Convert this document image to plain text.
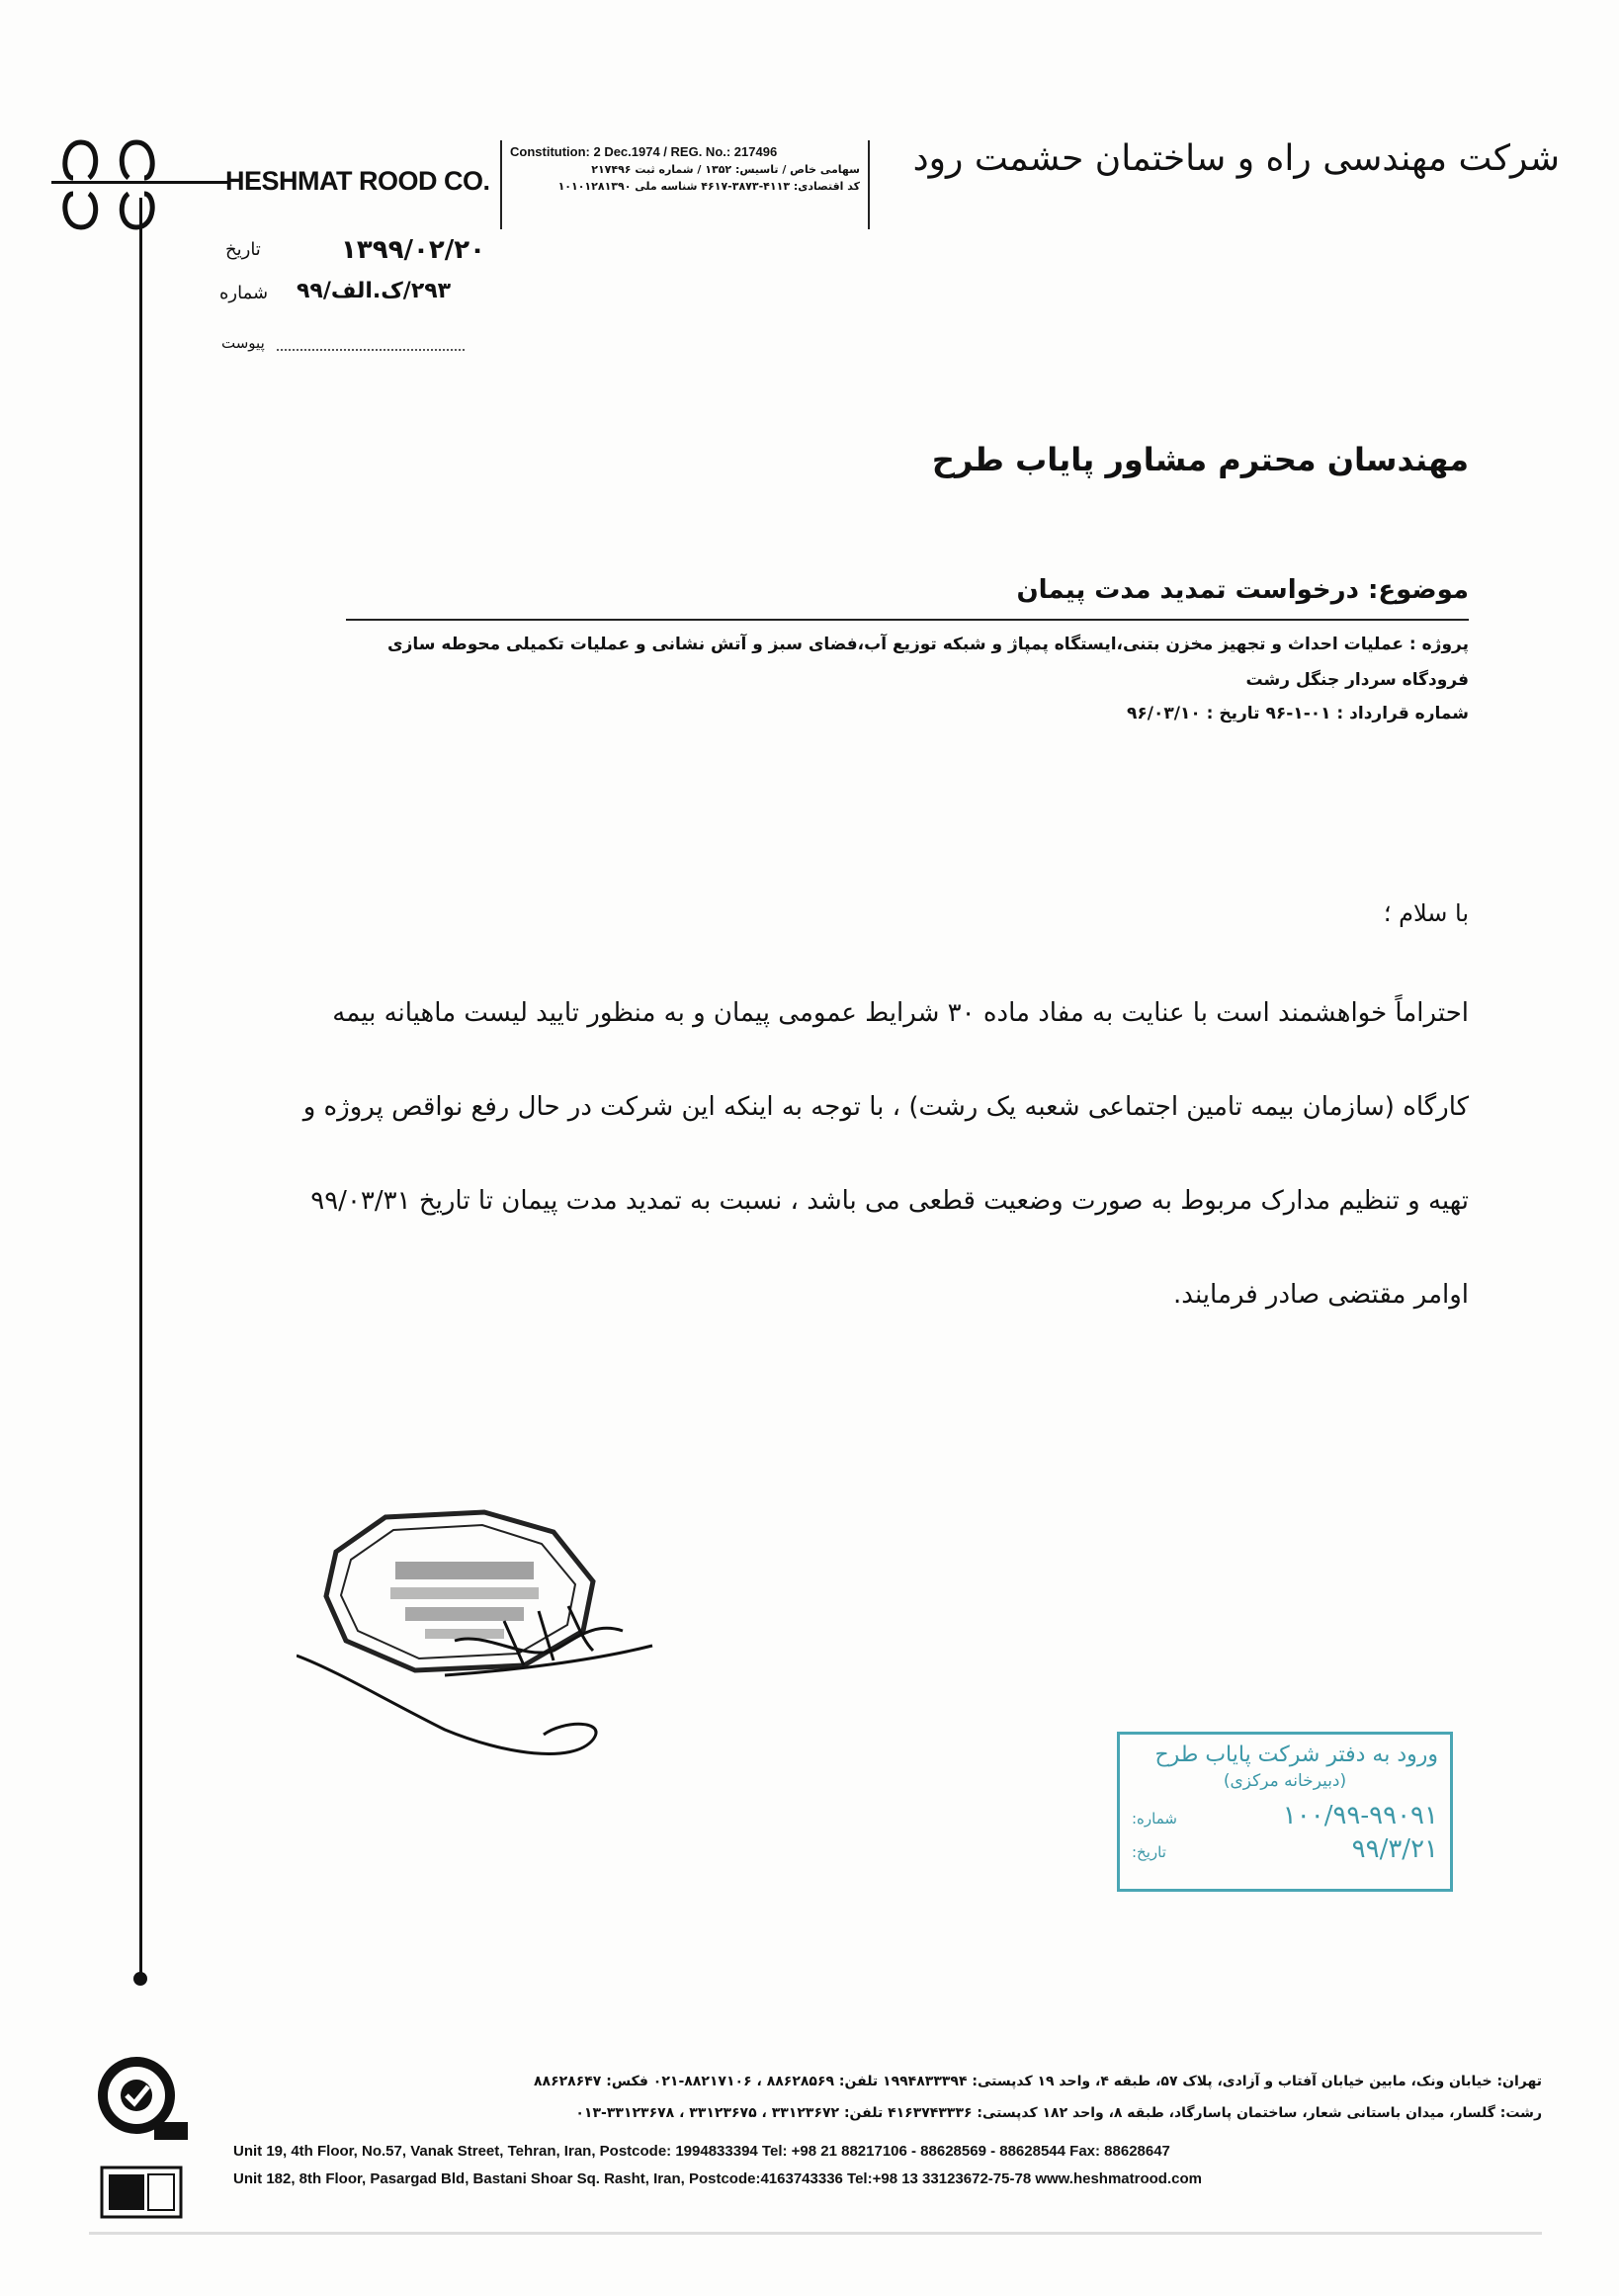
HESHMAT ROOD CO.
Constitution: 2 Dec.1974 / REG. No.: 217496
سهامی خاص / تاسیس: ۱۳۵۲ / شماره ثبت ۲۱۷۴۹۶
کد اقتصادی: ۴۱۱۳-۳۸۷۳-۴۶۱۷ شناسه ملی ۱۰۱۰۱۲۸۱۳۹۰
شرکت مهندسی راه و ساختمان حشمت رود
۱۳۹۹/۰۲/۲۰
تاریخ
۲۹۳/ک.الف/۹۹
شماره
پیوست
مهندسان محترم مشاور پایاب طرح
موضوع: درخواست تمدید مدت پیمان
پروژه : عملیات احداث و تجهیز مخزن بتنی،ایستگاه پمپاژ و شبکه توزیع آب،فضای سبز و آتش نشانی و عملیات تکمیلی محوطه سازی
فرودگاه سردار جنگل رشت
شماره قرارداد : ۰۱-۱-۹۶ تاریخ : ۹۶/۰۳/۱۰
با سلام ؛
احتراماً خواهشمند است با عنایت به مفاد ماده ۳۰ شرایط عمومی پیمان و به منظور تایید لیست ماهیانه بیمه
کارگاه (سازمان بیمه تامین اجتماعی شعبه یک رشت) ، با توجه به اینکه این شرکت در حال رفع نواقص پروژه و
تهیه و تنظیم مدارک مربوط به صورت وضعیت قطعی می باشد ، نسبت به تمدید مدت پیمان تا تاریخ ۹۹/۰۳/۳۱
اوامر مقتضی صادر فرمایند.
ورود به دفتر شرکت پایاب طرح
(دبیرخانه مرکزی)
شماره:	۱۰۰/۹۹-۹۹۰۹۱
تاریخ:	۹۹/۳/۲۱
تهران: خیابان ونک، مابین خیابان آفتاب و آزادی، پلاک ۵۷، طبقه ۴، واحد ۱۹ کدپستی: ۱۹۹۴۸۳۳۳۹۴ تلفن: ۸۸۶۲۸۵۶۹ ، ۸۸۲۱۷۱۰۶-۰۲۱ فکس: ۸۸۶۲۸۶۴۷
رشت: گلسار، میدان باستانی شعار، ساختمان پاسارگاد، طبقه ۸، واحد ۱۸۲ کدپستی: ۴۱۶۳۷۴۳۳۳۶ تلفن: ۳۳۱۲۳۶۷۲ ، ۳۳۱۲۳۶۷۵ ، ۳۳۱۲۳۶۷۸-۰۱۳
Unit 19, 4th Floor, No.57, Vanak Street, Tehran, Iran, Postcode: 1994833394 Tel: +98 21 88217106 - 88628569 - 88628544 Fax: 88628647
Unit 182, 8th Floor, Pasargad Bld, Bastani Shoar Sq. Rasht, Iran, Postcode:4163743336 Tel:+98 13 33123672-75-78 www.heshmatrood.com
